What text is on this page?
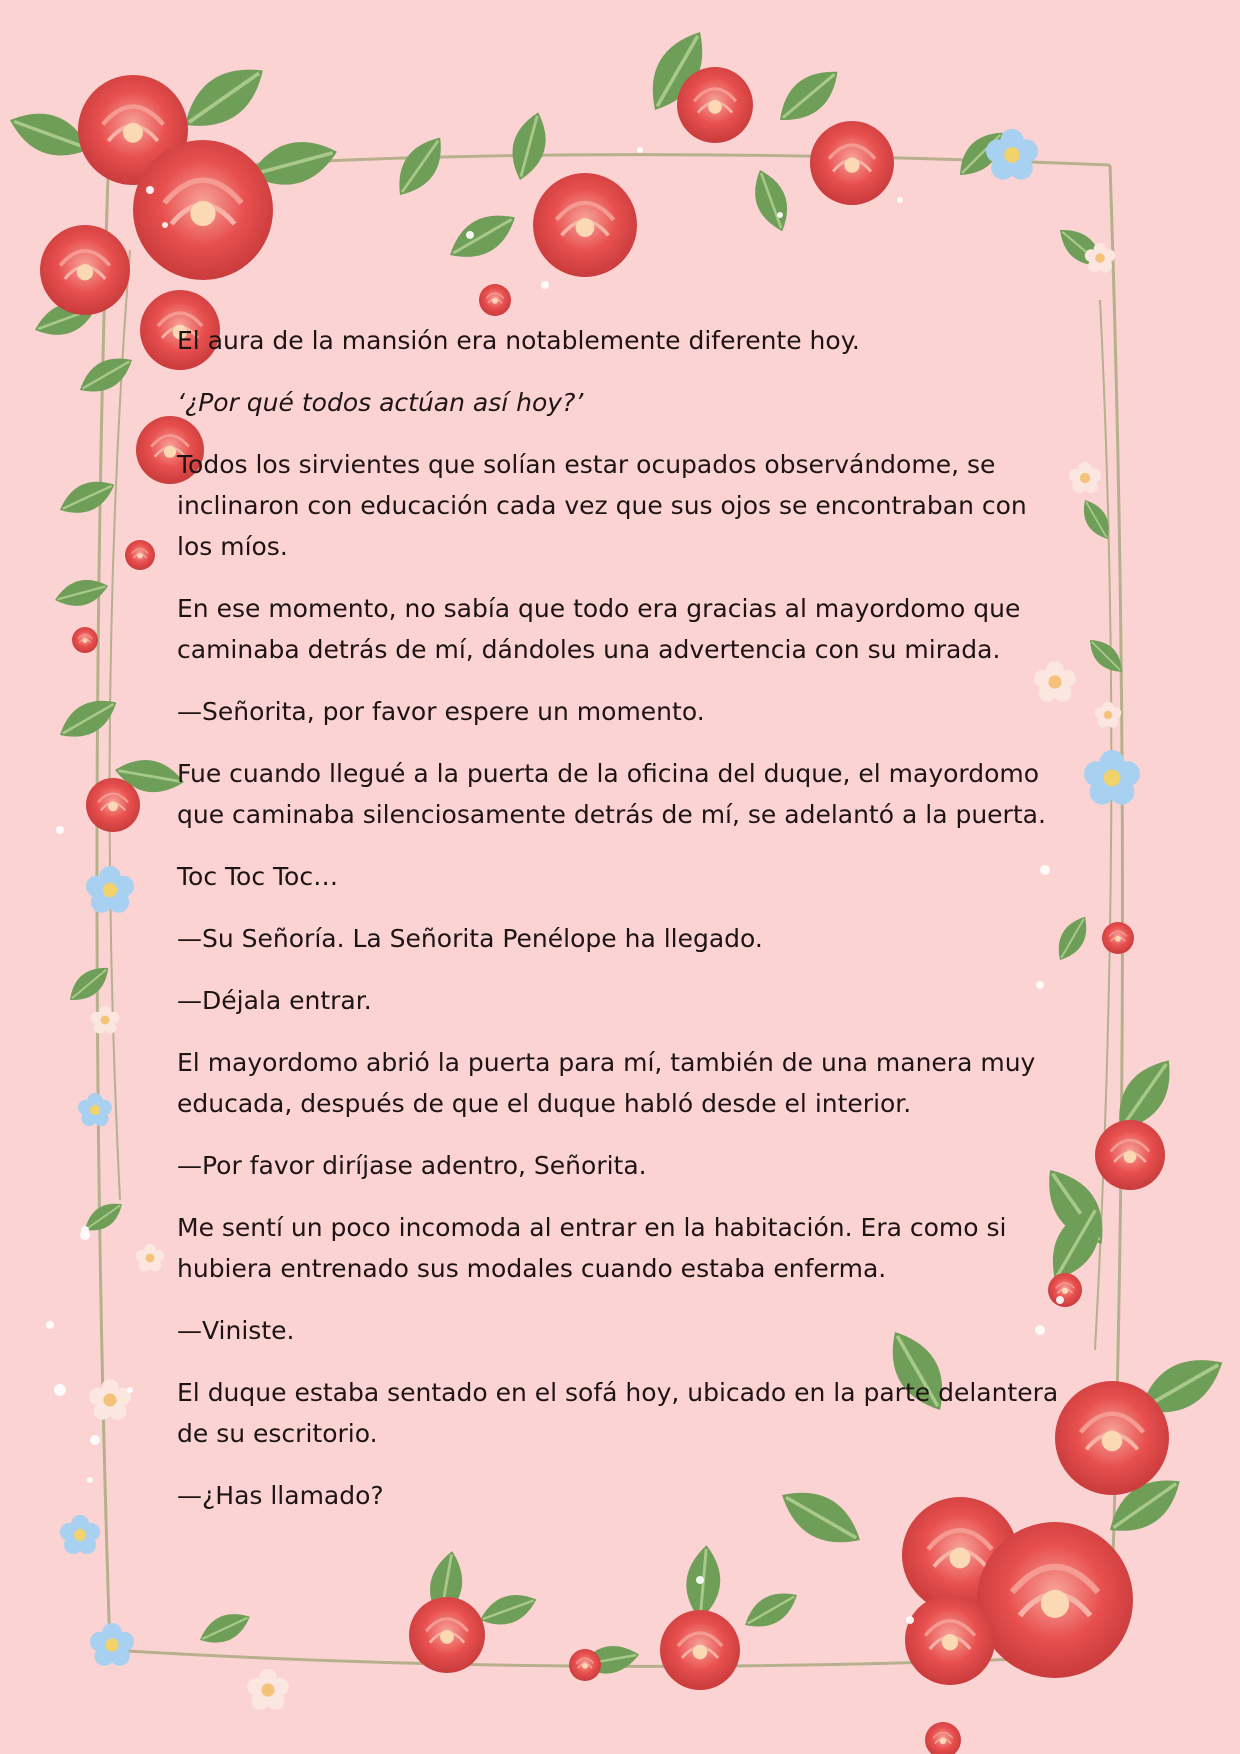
El aura de la mansión era notablemente diferente hoy.

‘¿Por qué todos actúan así hoy?’

Todos los sirvientes que solían estar ocupados observándome, se inclinaron con educación cada vez que sus ojos se encontraban con los míos.

En ese momento, no sabía que todo era gracias al mayordomo que caminaba detrás de mí, dándoles una advertencia con su mirada.

—Señorita, por favor espere un momento.

Fue cuando llegué a la puerta de la oficina del duque, el mayordomo que caminaba silenciosamente detrás de mí, se adelantó a la puerta.

Toc Toc Toc…

—Su Señoría. La Señorita Penélope ha llegado.

—Déjala entrar.

El mayordomo abrió la puerta para mí, también de una manera muy educada, después de que el duque habló desde el interior.

—Por favor diríjase adentro, Señorita.

Me sentí un poco incomoda al entrar en la habitación. Era como si hubiera entrenado sus modales cuando estaba enferma.

—Viniste.

El duque estaba sentado en el sofá hoy, ubicado en la parte delantera de su escritorio.

—¿Has llamado?
